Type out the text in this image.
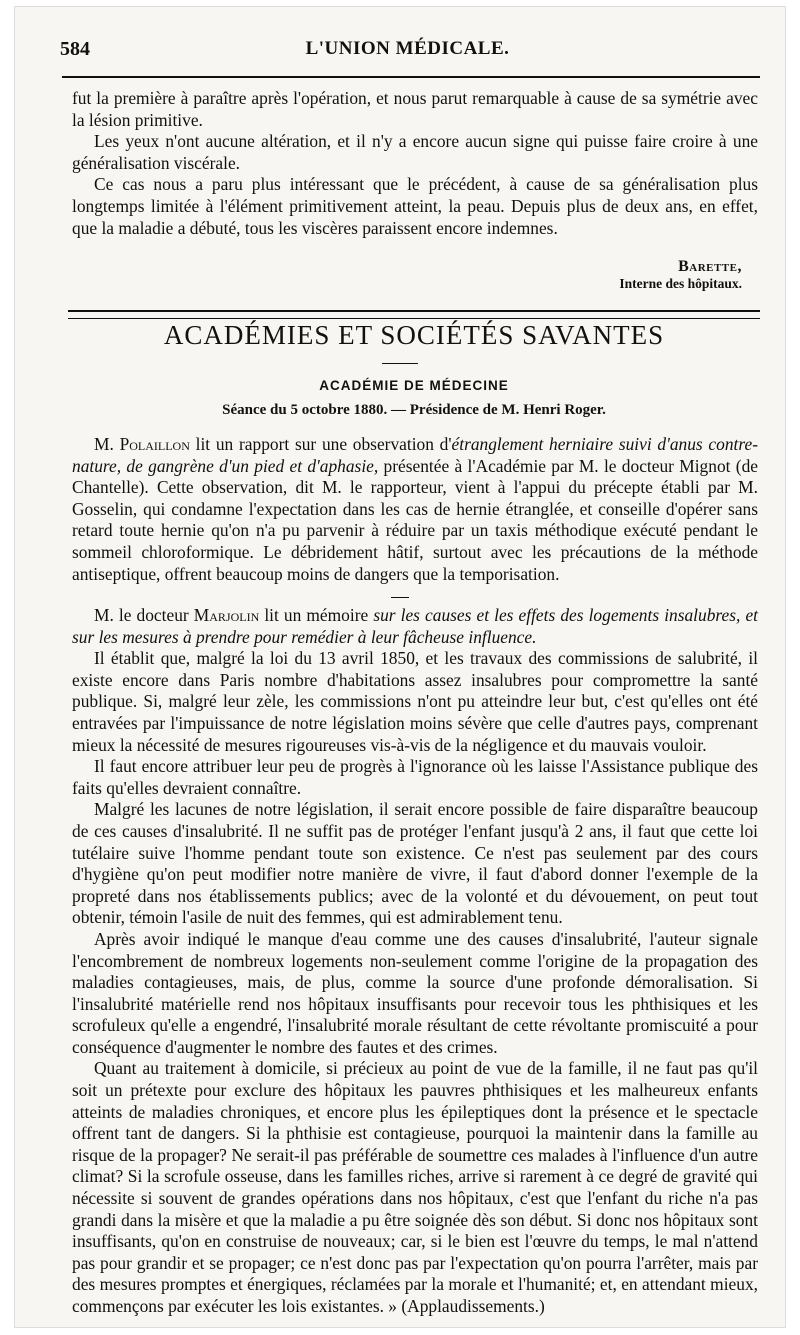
584	L'UNION MÉDICALE.

fut la première à paraître après l'opération, et nous parut remarquable à cause de sa symétrie avec la lésion primitive.

Les yeux n'ont aucune altération, et il n'y a encore aucun signe qui puisse faire croire à une généralisation viscérale.

Ce cas nous a paru plus intéressant que le précédent, à cause de sa généralisation plus longtemps limitée à l'élément primitivement atteint, la peau. Depuis plus de deux ans, en effet, que la maladie a débuté, tous les viscères paraissent encore indemnes.

Barette,
Interne des hôpitaux.
ACADÉMIES ET SOCIÉTÉS SAVANTES
ACADÉMIE DE MÉDECINE
Séance du 5 octobre 1880. — Présidence de M. Henri Roger.

M. Polaillon lit un rapport sur une observation d'étranglement herniaire suivi d'anus contre-nature, de gangrène d'un pied et d'aphasie, présentée à l'Académie par M. le docteur Mignot (de Chantelle). Cette observation, dit M. le rapporteur, vient à l'appui du précepte établi par M. Gosselin, qui condamne l'expectation dans les cas de hernie étranglée, et conseille d'opérer sans retard toute hernie qu'on n'a pu parvenir à réduire par un taxis méthodique exécuté pendant le sommeil chloroformique. Le débridement hâtif, surtout avec les précautions de la méthode antiseptique, offrent beaucoup moins de dangers que la temporisation.

M. le docteur Marjolin lit un mémoire sur les causes et les effets des logements insalubres, et sur les mesures à prendre pour remédier à leur fâcheuse influence.

Il établit que, malgré la loi du 13 avril 1850, et les travaux des commissions de salubrité, il existe encore dans Paris nombre d'habitations assez insalubres pour compromettre la santé publique. Si, malgré leur zèle, les commissions n'ont pu atteindre leur but, c'est qu'elles ont été entravées par l'impuissance de notre législation moins sévère que celle d'autres pays, comprenant mieux la nécessité de mesures rigoureuses vis-à-vis de la négligence et du mauvais vouloir.

Il faut encore attribuer leur peu de progrès à l'ignorance où les laisse l'Assistance publique des faits qu'elles devraient connaître.

Malgré les lacunes de notre législation, il serait encore possible de faire disparaître beaucoup de ces causes d'insalubrité. Il ne suffit pas de protéger l'enfant jusqu'à 2 ans, il faut que cette loi tutélaire suive l'homme pendant toute son existence. Ce n'est pas seulement par des cours d'hygiène qu'on peut modifier notre manière de vivre, il faut d'abord donner l'exemple de la propreté dans nos établissements publics; avec de la volonté et du dévouement, on peut tout obtenir, témoin l'asile de nuit des femmes, qui est admirablement tenu.

Après avoir indiqué le manque d'eau comme une des causes d'insalubrité, l'auteur signale l'encombrement de nombreux logements non-seulement comme l'origine de la propagation des maladies contagieuses, mais, de plus, comme la source d'une profonde démoralisation. Si l'insalubrité matérielle rend nos hôpitaux insuffisants pour recevoir tous les phthisiques et les scrofuleux qu'elle a engendré, l'insalubrité morale résultant de cette révoltante promiscuité a pour conséquence d'augmenter le nombre des fautes et des crimes.

Quant au traitement à domicile, si précieux au point de vue de la famille, il ne faut pas qu'il soit un prétexte pour exclure des hôpitaux les pauvres phthisiques et les malheureux enfants atteints de maladies chroniques, et encore plus les épileptiques dont la présence et le spectacle offrent tant de dangers. Si la phthisie est contagieuse, pourquoi la maintenir dans la famille au risque de la propager? Ne serait-il pas préférable de soumettre ces malades à l'influence d'un autre climat? Si la scrofule osseuse, dans les familles riches, arrive si rarement à ce degré de gravité qui nécessite si souvent de grandes opérations dans nos hôpitaux, c'est que l'enfant du riche n'a pas grandi dans la misère et que la maladie a pu être soignée dès son début. Si donc nos hôpitaux sont insuffisants, qu'on en construise de nouveaux; car, si le bien est l'œuvre du temps, le mal n'attend pas pour grandir et se propager; ce n'est donc pas par l'expectation qu'on pourra l'arrêter, mais par des mesures promptes et énergiques, réclamées par la morale et l'humanité; et, en attendant mieux, commençons par exécuter les lois existantes. » (Applaudissements.)
